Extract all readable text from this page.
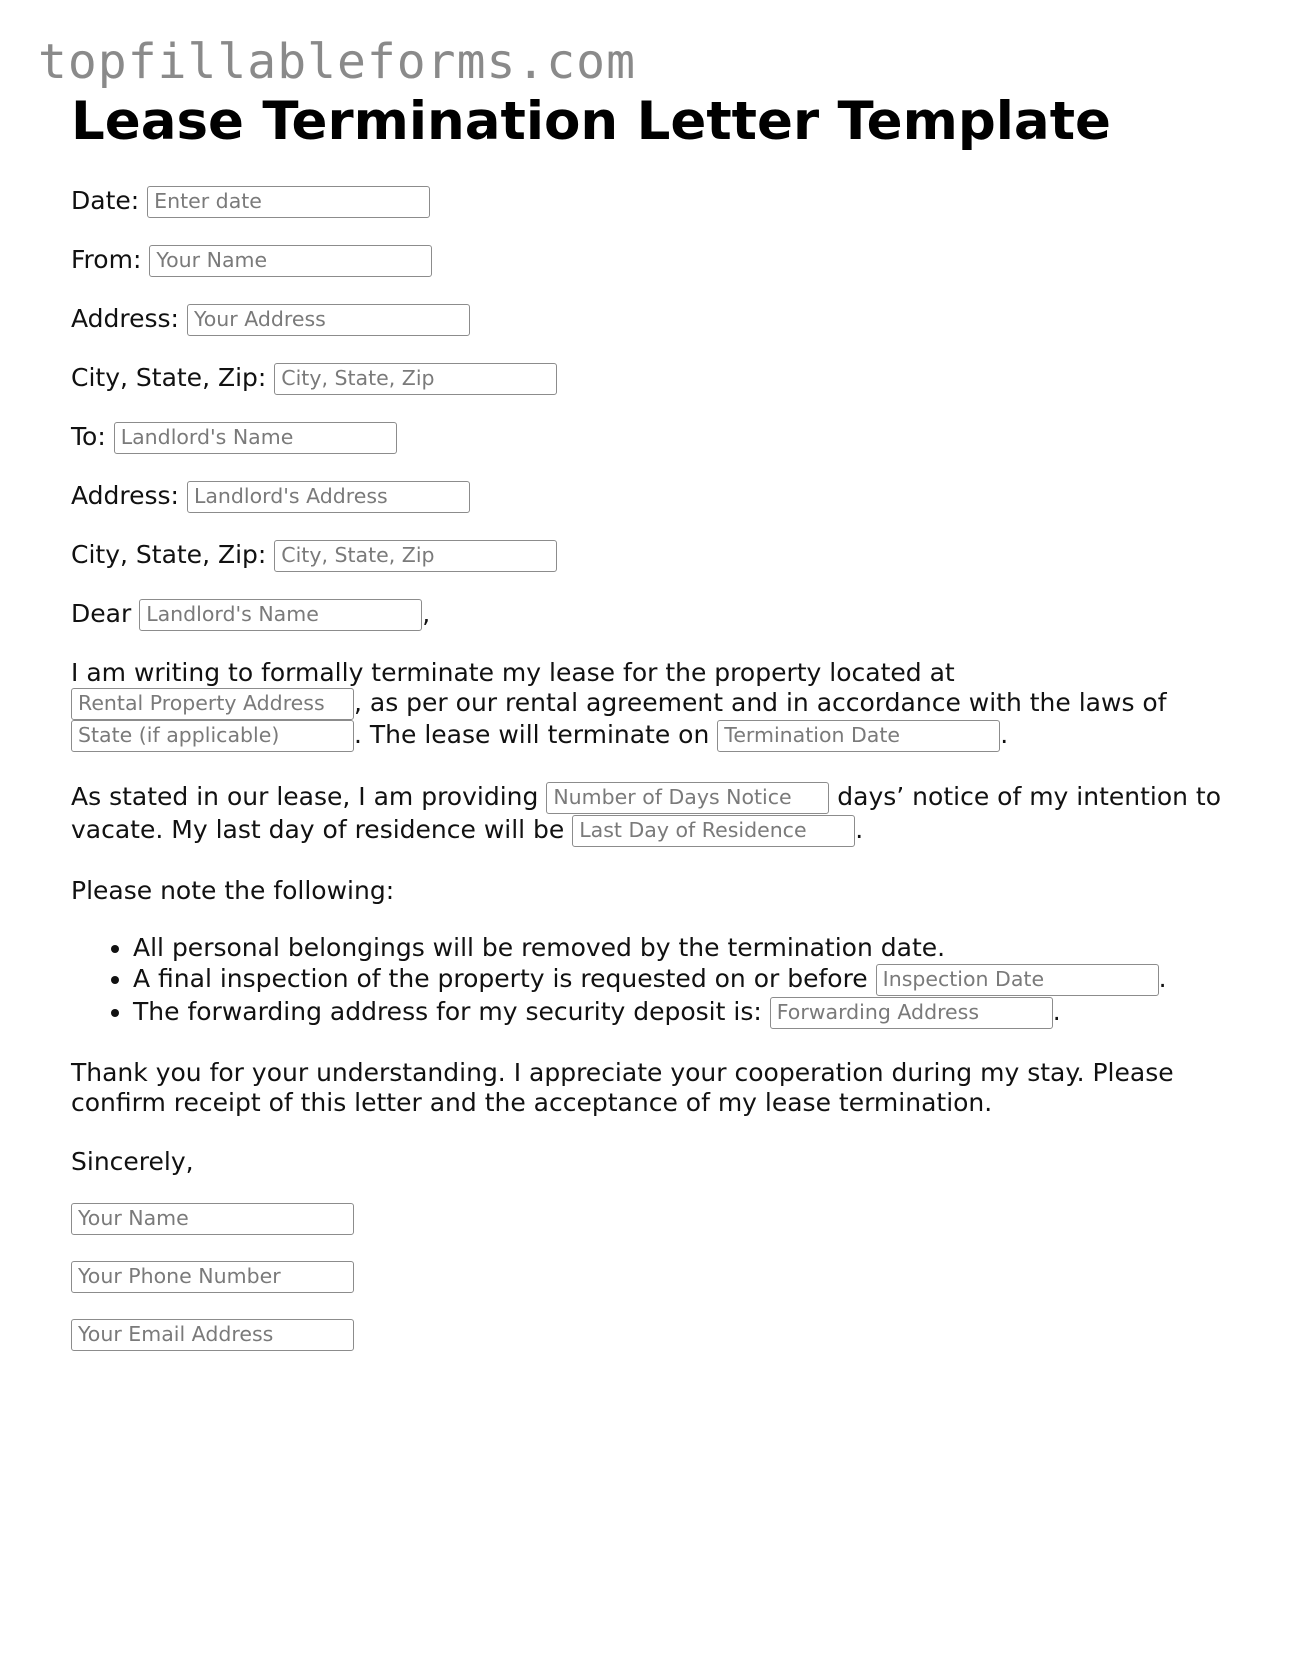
topfillableforms.com
Lease Termination Letter Template
Date: Enter date
From: Your Name
Address: Your Address
City, State, Zip: City, State, Zip
To: Landlord's Name
Address: Landlord's Address
City, State, Zip: City, State, Zip
Dear Landlord's Name	,
I am writing to formally terminate my lease for the property located at
Rental Property Address , as per our rental agreement and in accordance with the laws of
State (if applicable)	. The lease will terminate on Termination Date	.
As stated in our lease, I am providing Number of Days Notice days’ notice of my intention to vacate. My last day of residence will be Last Day of Residence .
Please note the following:
• All personal belongings will be removed by the termination date.
• A final inspection of the property is requested on or before Inspection Date	.
• The forwarding address for my security deposit is: Forwarding Address	.
Thank you for your understanding. I appreciate your cooperation during my stay. Please confirm receipt of this letter and the acceptance of my lease termination.
Sincerely,
Your Name
Your Phone Number
Your Email Address
